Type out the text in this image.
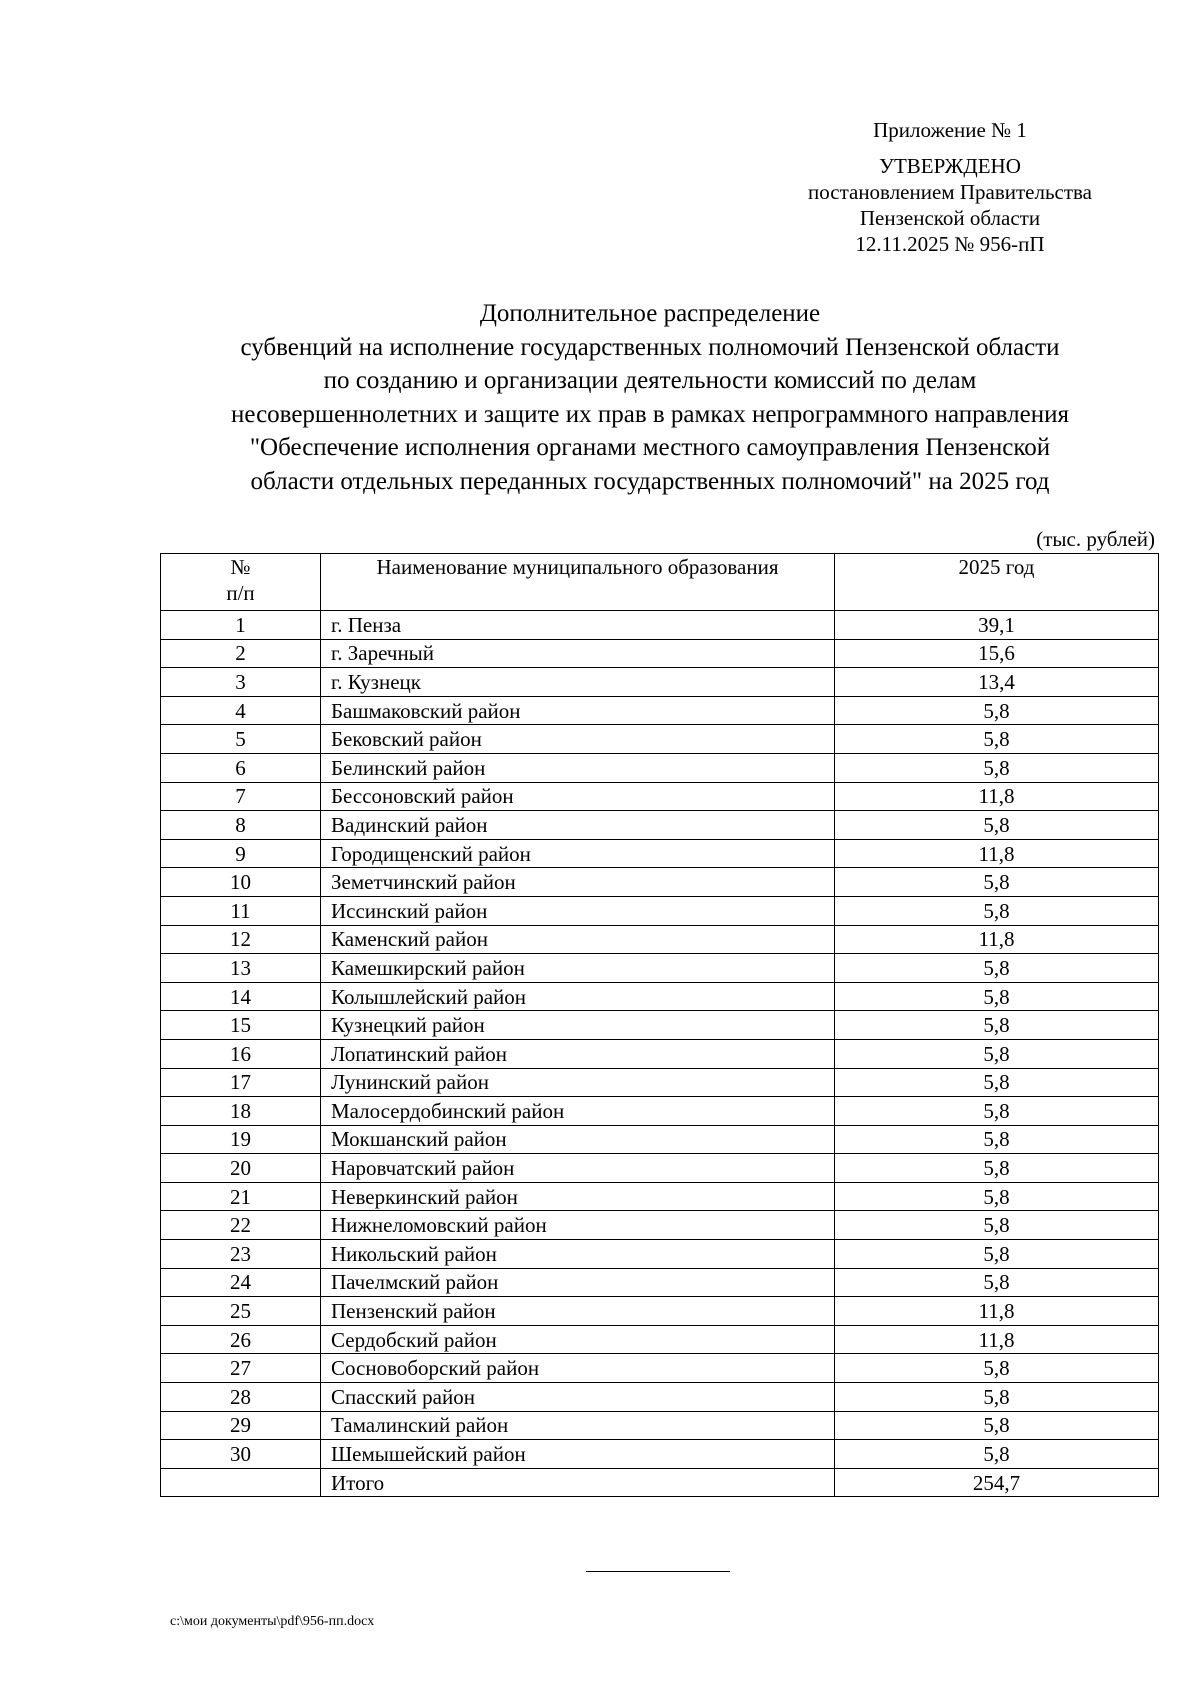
Приложение № 1
УТВЕРЖДЕНО
постановлением Правительства
Пензенской области
12.11.2025 № 956-пП
Дополнительное распределение
субвенций на исполнение государственных полномочий Пензенской области
по созданию и организации деятельности комиссий по делам
несовершеннолетних и защите их прав в рамках непрограммного направления
"Обеспечение исполнения органами местного самоуправления Пензенской
области отдельных переданных государственных полномочий" на 2025 год
(тыс. рублей)
№
п/п	Наименование муниципального образования	2025 год
1	г. Пенза	39,1
2	г. Заречный	15,6
3	г. Кузнецк	13,4
4	Башмаковский район	5,8
5	Бековский район	5,8
6	Белинский район	5,8
7	Бессоновский район	11,8
8	Вадинский район	5,8
9	Городищенский район	11,8
10	Земетчинский район	5,8
11	Иссинский район	5,8
12	Каменский район	11,8
13	Камешкирский район	5,8
14	Колышлейский район	5,8
15	Кузнецкий район	5,8
16	Лопатинский район	5,8
17	Лунинский район	5,8
18	Малосердобинский район	5,8
19	Мокшанский район	5,8
20	Наровчатский район	5,8
21	Неверкинский район	5,8
22	Нижнеломовский район	5,8
23	Никольский район	5,8
24	Пачелмский район	5,8
25	Пензенский район	11,8
26	Сердобский район	11,8
27	Сосновоборский район	5,8
28	Спасский район	5,8
29	Тамалинский район	5,8
30	Шемышейский район	5,8
	Итого	254,7
c:\мои документы\pdf\956-пп.docx
